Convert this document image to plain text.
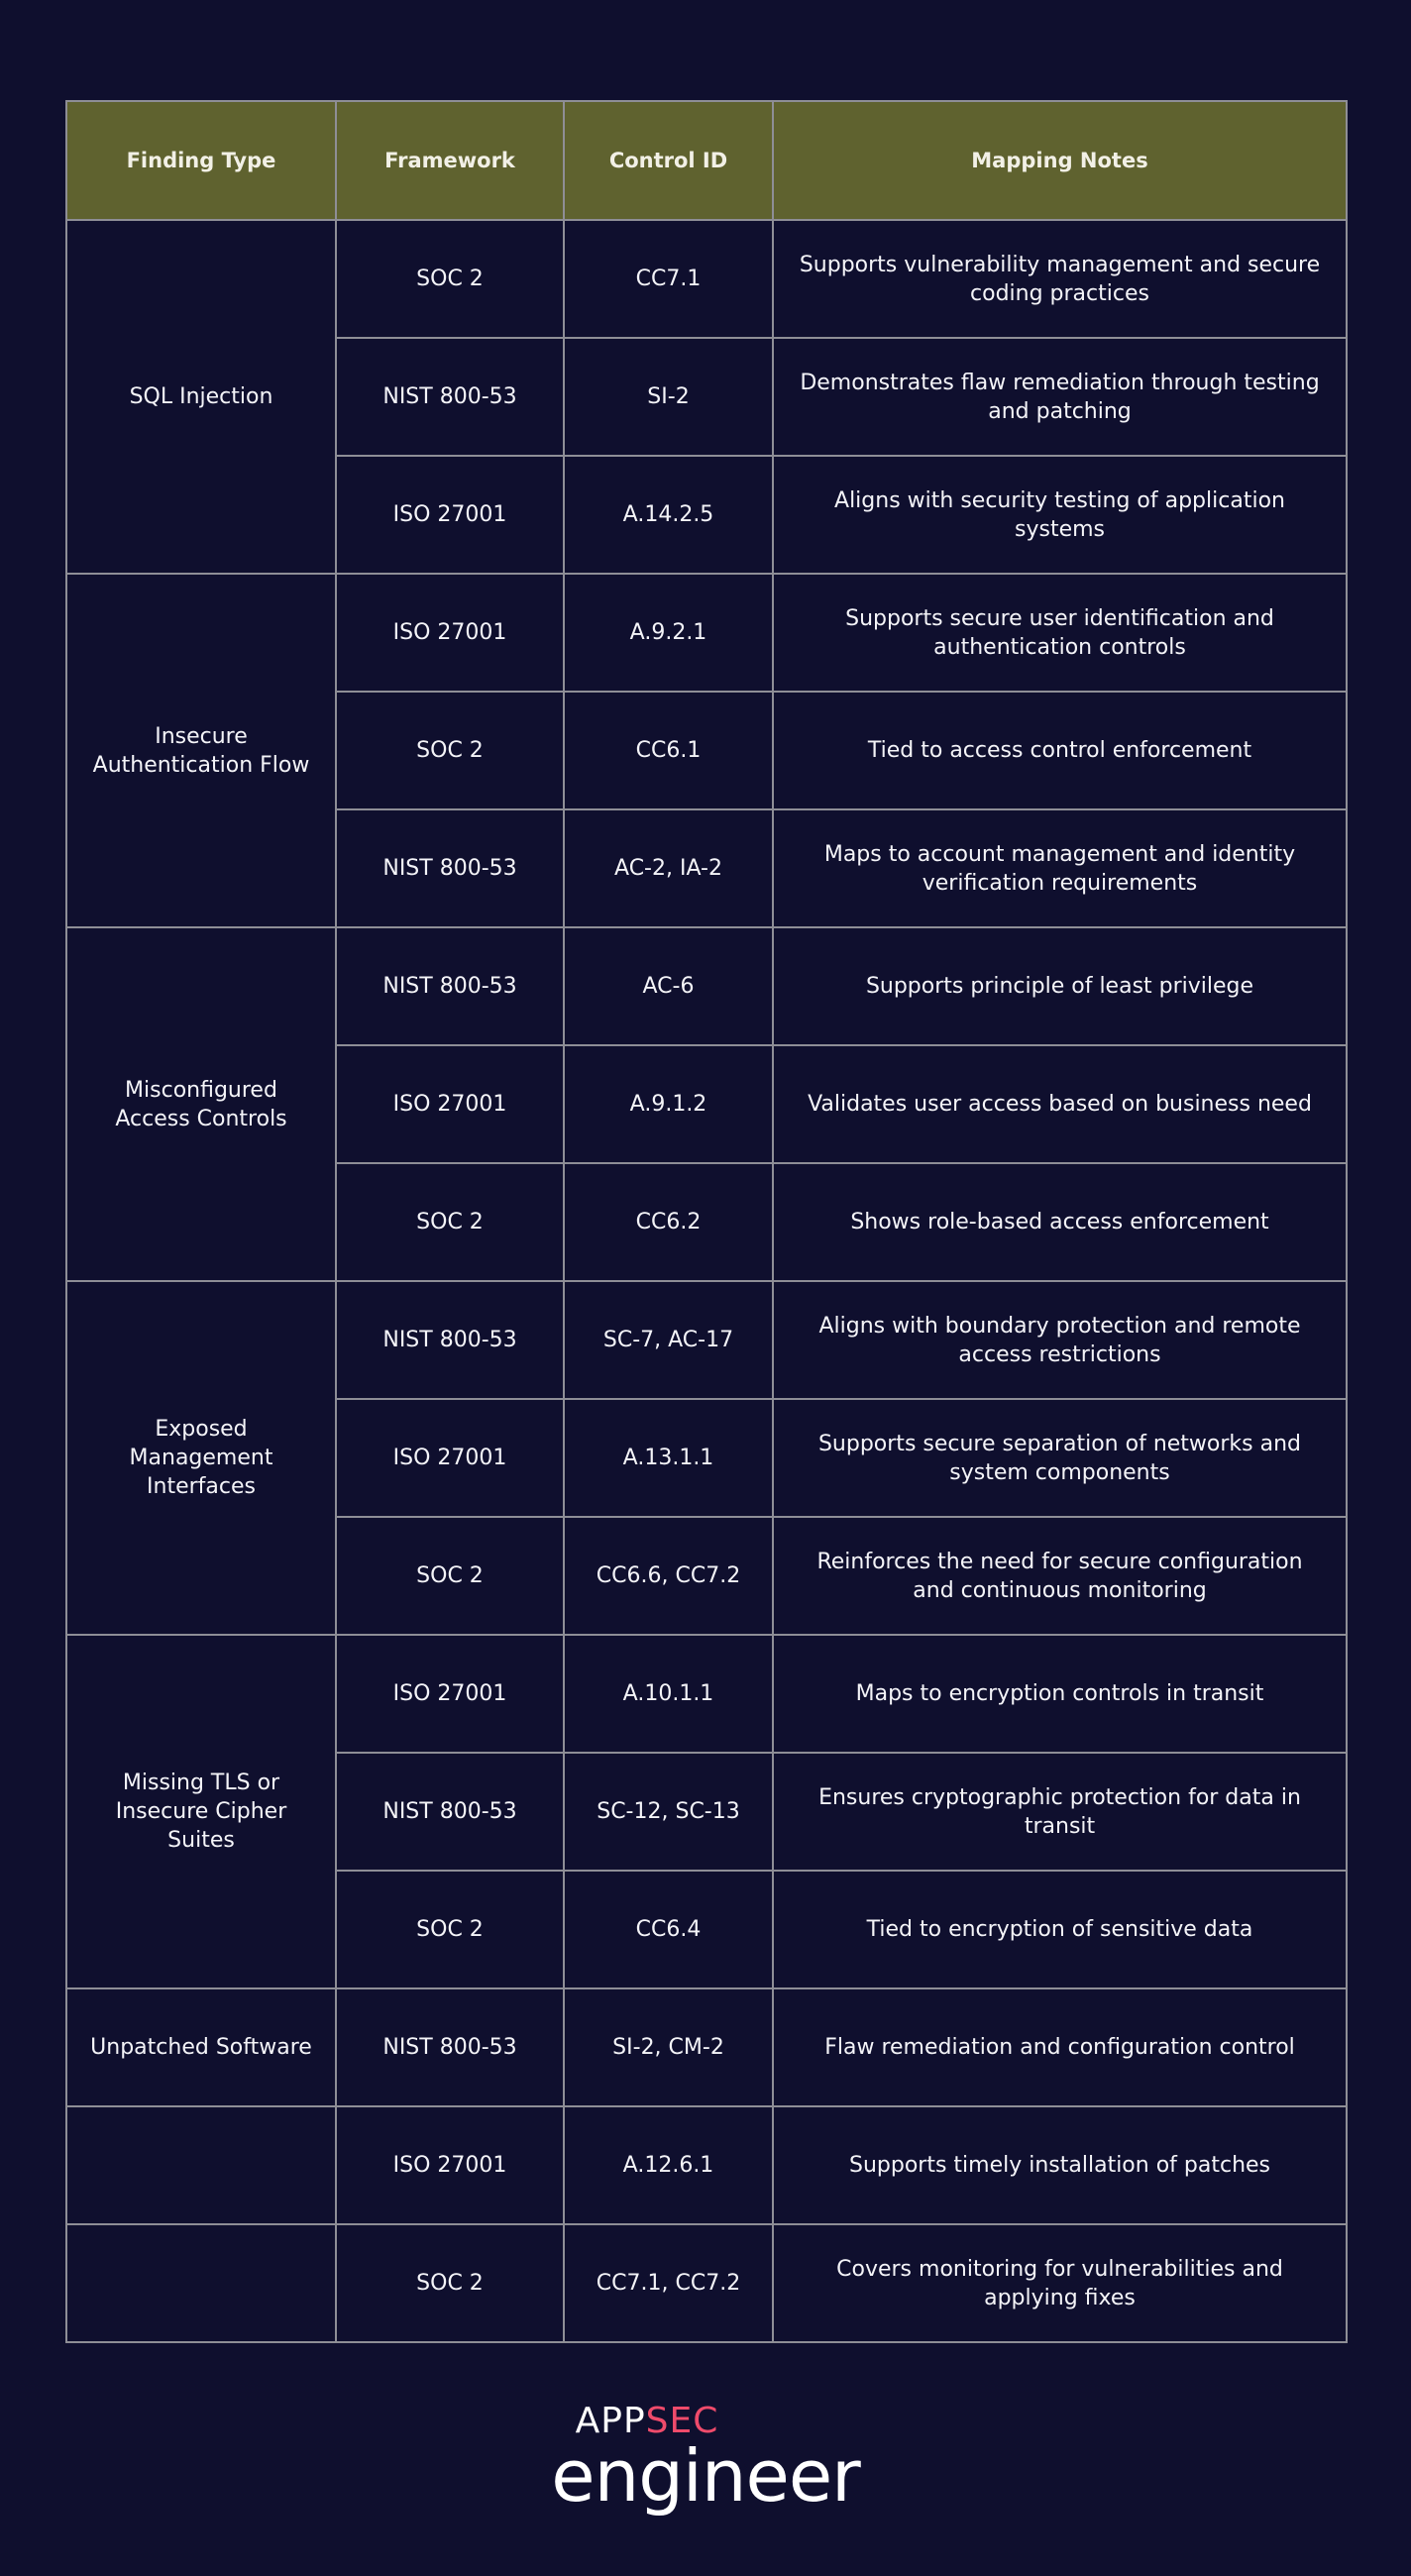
Finding Type	Framework	Control ID	Mapping Notes
SQL Injection	SOC 2	CC7.1	Supports vulnerability management and secure coding practices
	NIST 800-53	SI-2	Demonstrates flaw remediation through testing and patching
	ISO 27001	A.14.2.5	Aligns with security testing of application systems
Insecure Authentication Flow	ISO 27001	A.9.2.1	Supports secure user identification and authentication controls
	SOC 2	CC6.1	Tied to access control enforcement
	NIST 800-53	AC-2, IA-2	Maps to account management and identity verification requirements
Misconfigured Access Controls	NIST 800-53	AC-6	Supports principle of least privilege
	ISO 27001	A.9.1.2	Validates user access based on business need
	SOC 2	CC6.2	Shows role-based access enforcement
Exposed Management Interfaces	NIST 800-53	SC-7, AC-17	Aligns with boundary protection and remote access restrictions
	ISO 27001	A.13.1.1	Supports secure separation of networks and system components
	SOC 2	CC6.6, CC7.2	Reinforces the need for secure configuration and continuous monitoring
Missing TLS or Insecure Cipher Suites	ISO 27001	A.10.1.1	Maps to encryption controls in transit
	NIST 800-53	SC-12, SC-13	Ensures cryptographic protection for data in transit
	SOC 2	CC6.4	Tied to encryption of sensitive data
Unpatched Software	NIST 800-53	SI-2, CM-2	Flaw remediation and configuration control
	ISO 27001	A.12.6.1	Supports timely installation of patches
	SOC 2	CC7.1, CC7.2	Covers monitoring for vulnerabilities and applying fixes
APPSEC
engineer
